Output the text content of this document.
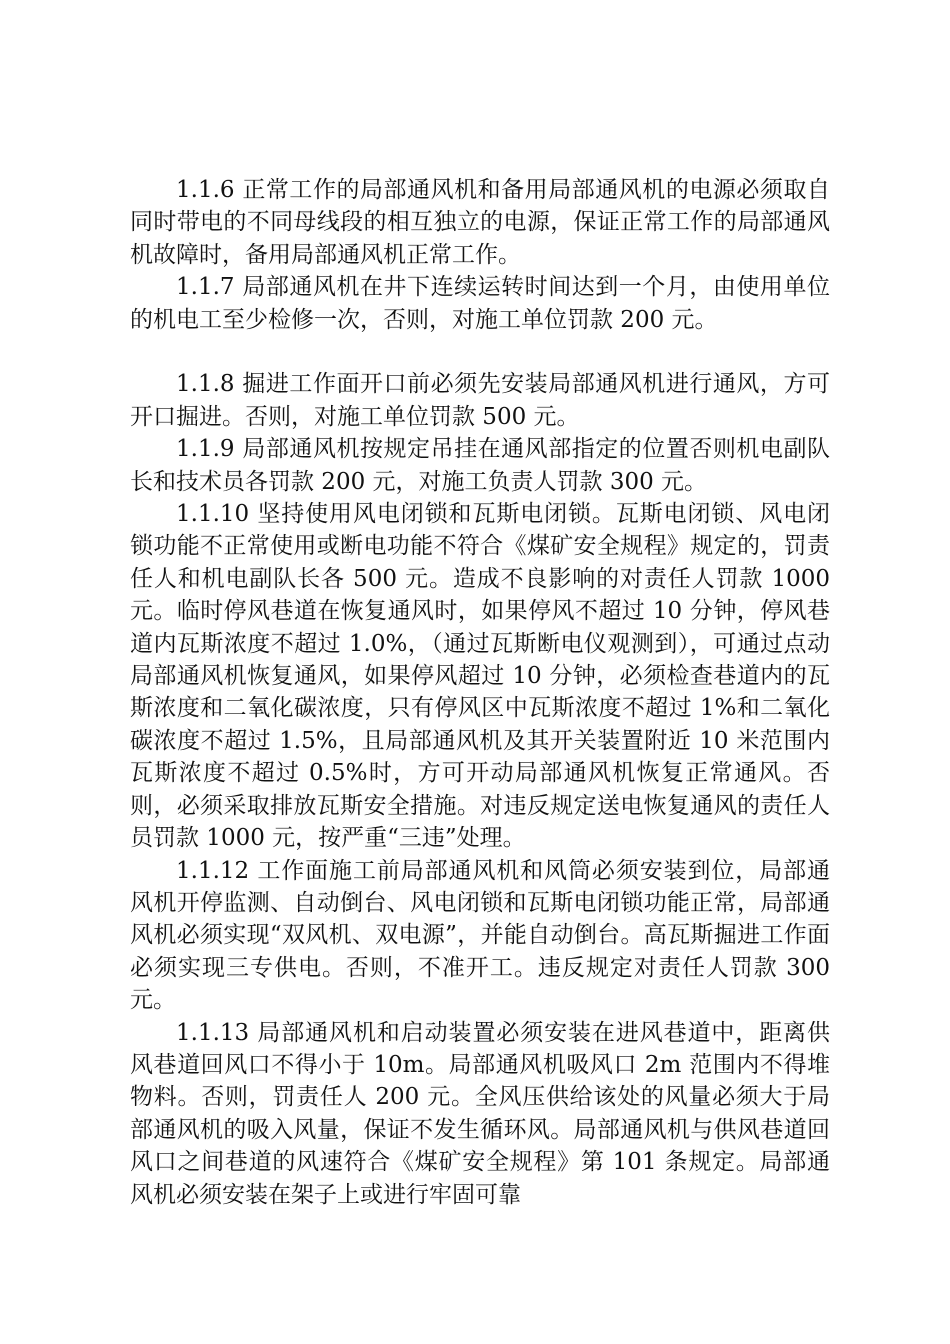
1.1.6 正常工作的局部通风机和备用局部通风机的电源必须取自同时带电的不同母线段的相互独立的电源，保证正常工作的局部通风机故障时，备用局部通风机正常工作。

1.1.7 局部通风机在井下连续运转时间达到一个月，由使用单位的机电工至少检修一次，否则，对施工单位罚款 200 元。

1.1.8 掘进工作面开口前必须先安装局部通风机进行通风，方可开口掘进。否则，对施工单位罚款 500 元。

1.1.9 局部通风机按规定吊挂在通风部指定的位置否则机电副队长和技术员各罚款 200 元，对施工负责人罚款 300 元。

1.1.10 坚持使用风电闭锁和瓦斯电闭锁。瓦斯电闭锁、风电闭锁功能不正常使用或断电功能不符合《煤矿安全规程》规定的，罚责任人和机电副队长各 500 元。造成不良影响的对责任人罚款 1000 元。临时停风巷道在恢复通风时，如果停风不超过 10 分钟，停风巷道内瓦斯浓度不超过 1.0%，（通过瓦斯断电仪观测到），可通过点动局部通风机恢复通风，如果停风超过 10 分钟，必须检查巷道内的瓦斯浓度和二氧化碳浓度，只有停风区中瓦斯浓度不超过 1%和二氧化碳浓度不超过 1.5%，且局部通风机及其开关装置附近 10 米范围内瓦斯浓度不超过 0.5%时，方可开动局部通风机恢复正常通风。否则，必须采取排放瓦斯安全措施。对违反规定送电恢复通风的责任人员罚款 1000 元，按严重“三违”处理。

1.1.12 工作面施工前局部通风机和风筒必须安装到位，局部通风机开停监测、自动倒台、风电闭锁和瓦斯电闭锁功能正常，局部通风机必须实现“双风机、双电源”，并能自动倒台。高瓦斯掘进工作面必须实现三专供电。否则，不准开工。违反规定对责任人罚款 300 元。

1.1.13 局部通风机和启动装置必须安装在进风巷道中，距离供风巷道回风口不得小于 10m。局部通风机吸风口 2m 范围内不得堆物料。否则，罚责任人 200 元。全风压供给该处的风量必须大于局部通风机的吸入风量，保证不发生循环风。局部通风机与供风巷道回风口之间巷道的风速符合《煤矿安全规程》第 101 条规定。局部通风机必须安装在架子上或进行牢固可靠
